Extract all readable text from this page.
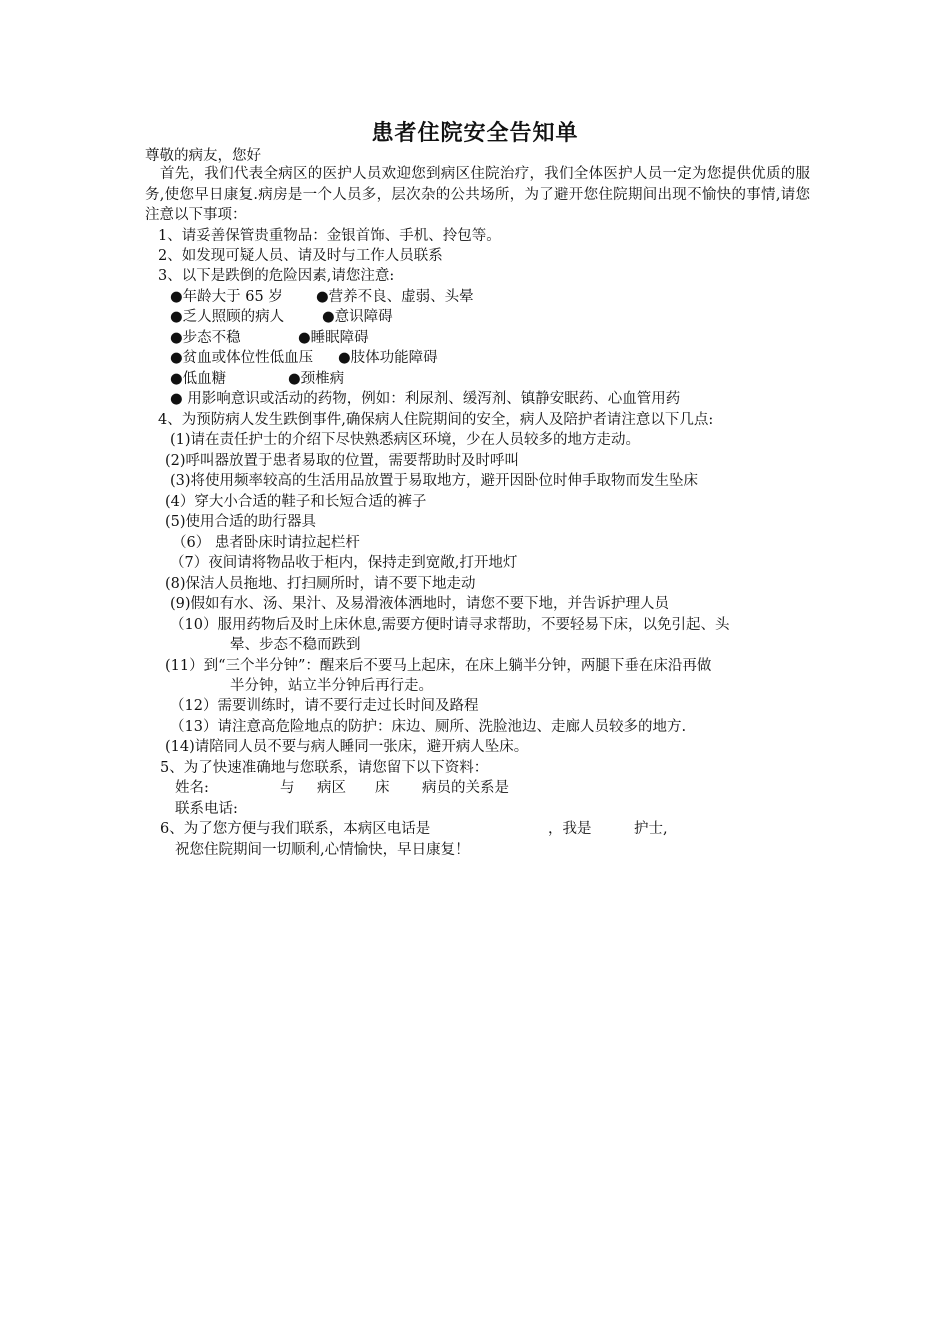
患者住院安全告知单
尊敬的病友，您好
首先，我们代表全病区的医护人员欢迎您到病区住院治疗，我们全体医护人员一定为您提供优质的服务,使您早日康复.病房是一个人员多，层次杂的公共场所，为了避开您住院期间出现不愉快的事情,请您注意以下事项：
1、请妥善保管贵重物品：金银首饰、手机、拎包等。
2、如发现可疑人员、请及时与工作人员联系
3、以下是跌倒的危险因素,请您注意:
●年龄大于 65 岁 ●营养不良、虚弱、头晕
●乏人照顾的病人	●意识障碍
●步态不稳	●睡眠障碍
●贫血或体位性低血压 ●肢体功能障碍
●低血糖	●颈椎病
● 用影响意识或活动的药物，例如：利尿剂、缓泻剂、镇静安眠药、心血管用药
4、为预防病人发生跌倒事件,确保病人住院期间的安全，病人及陪护者请注意以下几点:
(1)请在责任护士的介绍下尽快熟悉病区环境，少在人员较多的地方走动。
(2)呼叫器放置于患者易取的位置，需要帮助时及时呼叫
(3)将使用频率较高的生活用品放置于易取地方，避开因卧位时伸手取物而发生坠床
(4）穿大小合适的鞋子和长短合适的裤子
(5)使用合适的助行器具
（6） 患者卧床时请拉起栏杆
（7）夜间请将物品收于柜内，保持走到宽敞,打开地灯
(8)保洁人员拖地、打扫厕所时，请不要下地走动
(9)假如有水、汤、果汁、及易滑液体洒地时，请您不要下地，并告诉护理人员
（10）服用药物后及时上床休息,需要方便时请寻求帮助，不要轻易下床，以免引起、头
晕、步态不稳而跌到
(11）到“三个半分钟”：醒来后不要马上起床，在床上躺半分钟，两腿下垂在床沿再做
半分钟，站立半分钟后再行走。
（12）需要训练时，请不要行走过长时间及路程
（13）请注意高危险地点的防护：床边、厕所、洗脸池边、走廊人员较多的地方.
(14)请陪同人员不要与病人睡同一张床，避开病人坠床。
5、为了快速准确地与您联系，请您留下以下资料：
姓名:	与 病区 床 病员的关系是
联系电话:
6、为了您方便与我们联系，本病区电话是	，我是	护士,
祝您住院期间一切顺利,心情愉快，早日康复！
